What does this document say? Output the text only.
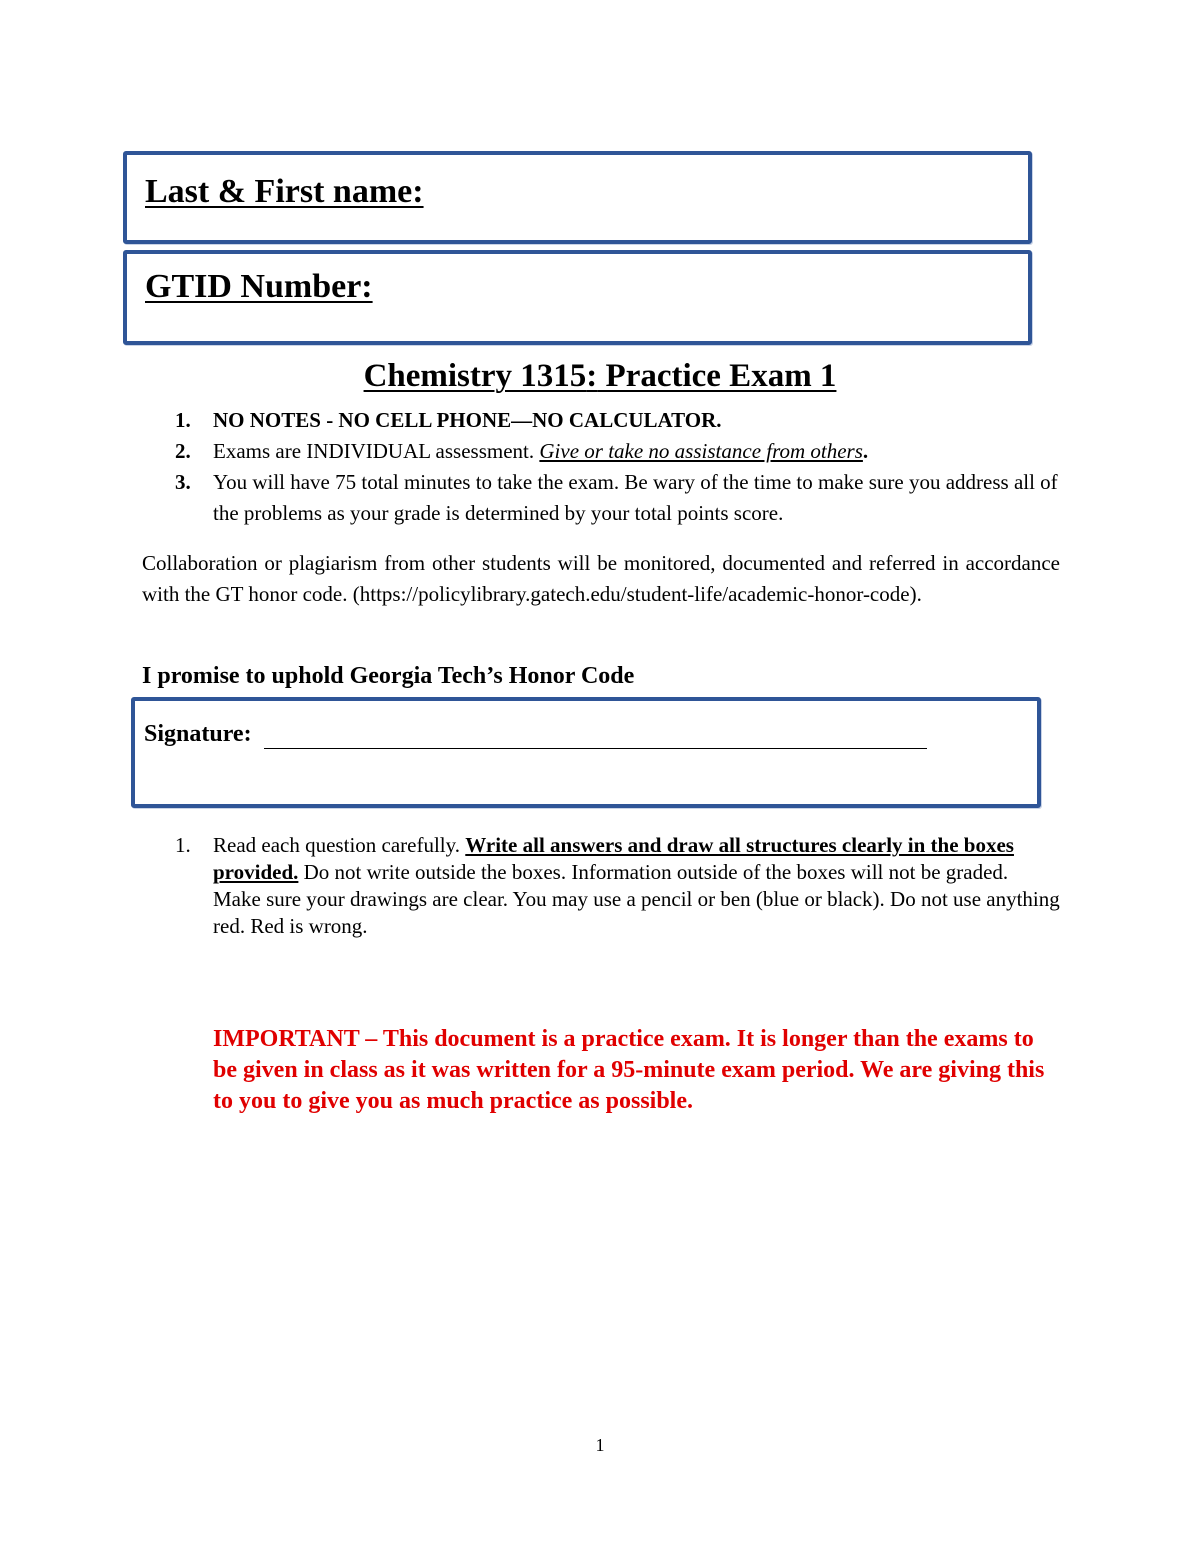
Last & First name:
GTID Number:
Chemistry 1315: Practice Exam 1
1. NO NOTES - NO CELL PHONE—NO CALCULATOR.
2. Exams are INDIVIDUAL assessment. Give or take no assistance from others.
3. You will have 75 total minutes to take the exam. Be wary of the time to make sure you address all of the problems as your grade is determined by your total points score.
Collaboration or plagiarism from other students will be monitored, documented and referred in accordance with the GT honor code. (https://policylibrary.gatech.edu/student-life/academic-honor-code).
I promise to uphold Georgia Tech’s Honor Code
Signature:
1.	Read each question carefully. Write all answers and draw all structures clearly in the boxes provided. Do not write outside the boxes. Information outside of the boxes will not be graded. Make sure your drawings are clear. You may use a pencil or ben (blue or black). Do not use anything red. Red is wrong.
IMPORTANT – This document is a practice exam. It is longer than the exams to be given in class as it was written for a 95-minute exam period. We are giving this to you to give you as much practice as possible.
1
